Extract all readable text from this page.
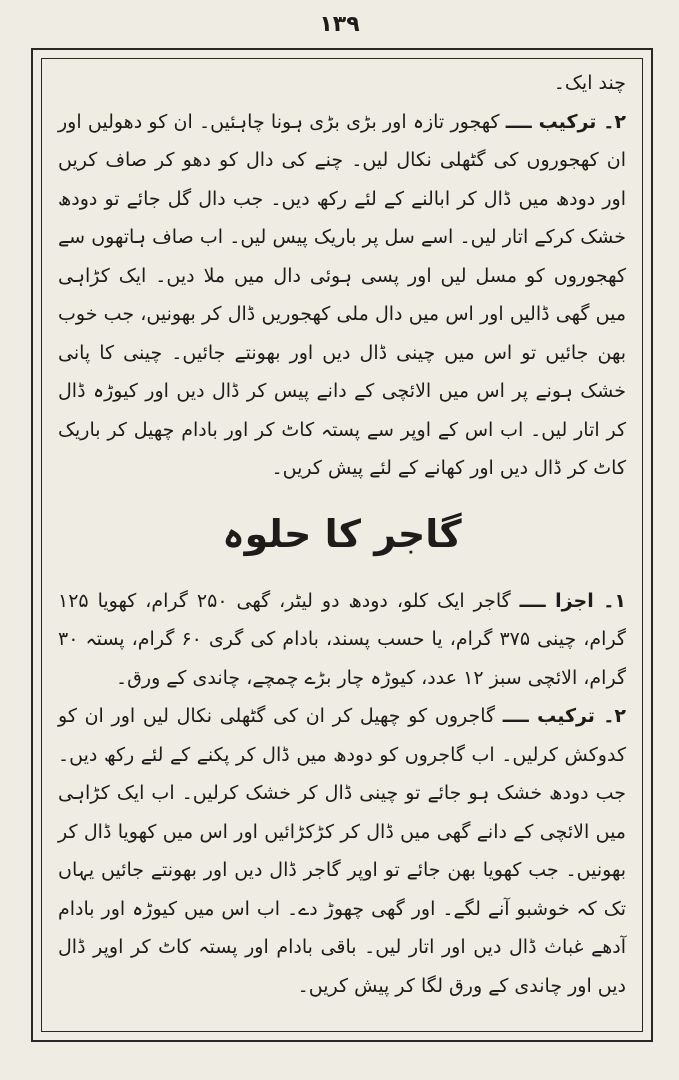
۱۳۹

چند ایک۔

۲۔ ترکیب ــــ کھجور تازہ اور بڑی بڑی ہونا چاہئیں۔ ان کو دھولیں اور ان کھجوروں کی گٹھلی نکال لیں۔ چنے کی دال کو دھو کر صاف کریں اور دودھ میں ڈال کر ابالنے کے لئے رکھ دیں۔ جب دال گل جائے تو دودھ خشک کرکے اتار لیں۔ اسے سل پر باریک پیس لیں۔ اب صاف ہاتھوں سے کھجوروں کو مسل لیں اور پسی ہوئی دال میں ملا دیں۔ ایک کڑاہی میں گھی ڈالیں اور اس میں دال ملی کھجوریں ڈال کر بھونیں، جب خوب بھن جائیں تو اس میں چینی ڈال دیں اور بھونتے جائیں۔ چینی کا پانی خشک ہونے پر اس میں الائچی کے دانے پیس کر ڈال دیں اور کیوڑہ ڈال کر اتار لیں۔ اب اس کے اوپر سے پستہ کاٹ کر اور بادام چھیل کر باریک کاٹ کر ڈال دیں اور کھانے کے لئے پیش کریں۔

گاجر کا حلوہ

۱۔ اجزا ــــ گاجر ایک کلو، دودھ دو لیٹر، گھی ۲۵۰ گرام، کھویا ۱۲۵ گرام، چینی ۳۷۵ گرام، یا حسب پسند، بادام کی گری ۶۰ گرام، پستہ ۳۰ گرام، الائچی سبز ۱۲ عدد، کیوڑہ چار بڑے چمچے، چاندی کے ورق۔

۲۔ ترکیب ــــ گاجروں کو چھیل کر ان کی گٹھلی نکال لیں اور ان کو کدوکش کرلیں۔ اب گاجروں کو دودھ میں ڈال کر پکنے کے لئے رکھ دیں۔ جب دودھ خشک ہو جائے تو چینی ڈال کر خشک کرلیں۔ اب ایک کڑاہی میں الائچی کے دانے گھی میں ڈال کر کڑکڑائیں اور اس میں کھویا ڈال کر بھونیں۔ جب کھویا بھن جائے تو اوپر گاجر ڈال دیں اور بھونتے جائیں یہاں تک کہ خوشبو آنے لگے۔ اور گھی چھوڑ دے۔ اب اس میں کیوڑہ اور بادام آدھے غباث ڈال دیں اور اتار لیں۔ باقی بادام اور پستہ کاٹ کر اوپر ڈال دیں اور چاندی کے ورق لگا کر پیش کریں۔
